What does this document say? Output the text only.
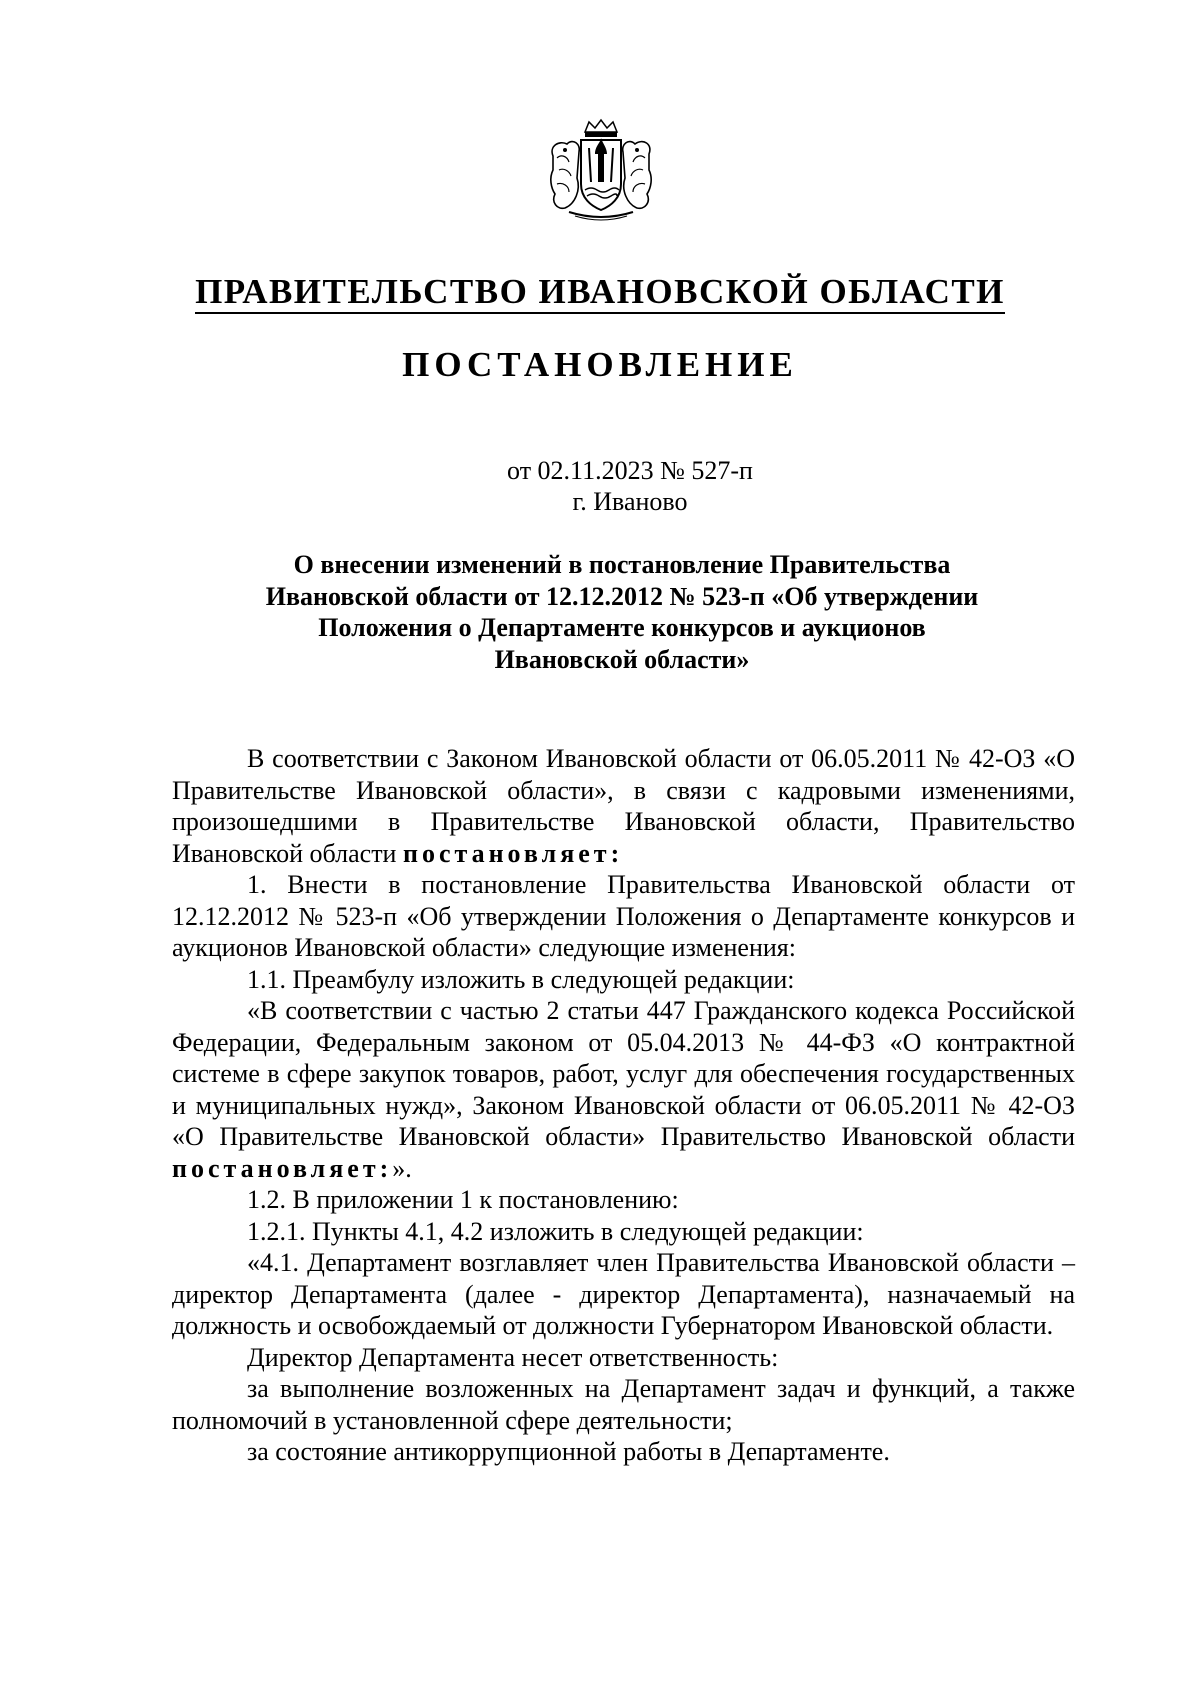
ПРАВИТЕЛЬСТВО ИВАНОВСКОЙ ОБЛАСТИ
ПОСТАНОВЛЕНИЕ
от 02.11.2023 № 527-п
г. Иваново
О внесении изменений в постановление Правительства
Ивановской области от 12.12.2012 № 523-п «Об утверждении
Положения о Департаменте конкурсов и аукционов
Ивановской области»

В соответствии с Законом Ивановской области от 06.05.2011 № 42-ОЗ «О Правительстве Ивановской области», в связи с кадровыми изменениями, произошедшими в Правительстве Ивановской области, Правительство Ивановской области постановляет:

1. Внести в постановление Правительства Ивановской области от 12.12.2012 № 523-п «Об утверждении Положения о Департаменте конкурсов и аукционов Ивановской области» следующие изменения:

1.1. Преамбулу изложить в следующей редакции:

«В соответствии с частью 2 статьи 447 Гражданского кодекса Российской Федерации, Федеральным законом от 05.04.2013 № 44-ФЗ «О контрактной системе в сфере закупок товаров, работ, услуг для обеспечения государственных и муниципальных нужд», Законом Ивановской области от 06.05.2011 № 42-ОЗ «О Правительстве Ивановской области» Правительство Ивановской области постановляет:».

1.2. В приложении 1 к постановлению:

1.2.1. Пункты 4.1, 4.2 изложить в следующей редакции:

«4.1. Департамент возглавляет член Правительства Ивановской области – директор Департамента (далее - директор Департамента), назначаемый на должность и освобождаемый от должности Губернатором Ивановской области.

Директор Департамента несет ответственность:

за выполнение возложенных на Департамент задач и функций, а также полномочий в установленной сфере деятельности;

за состояние антикоррупционной работы в Департаменте.
